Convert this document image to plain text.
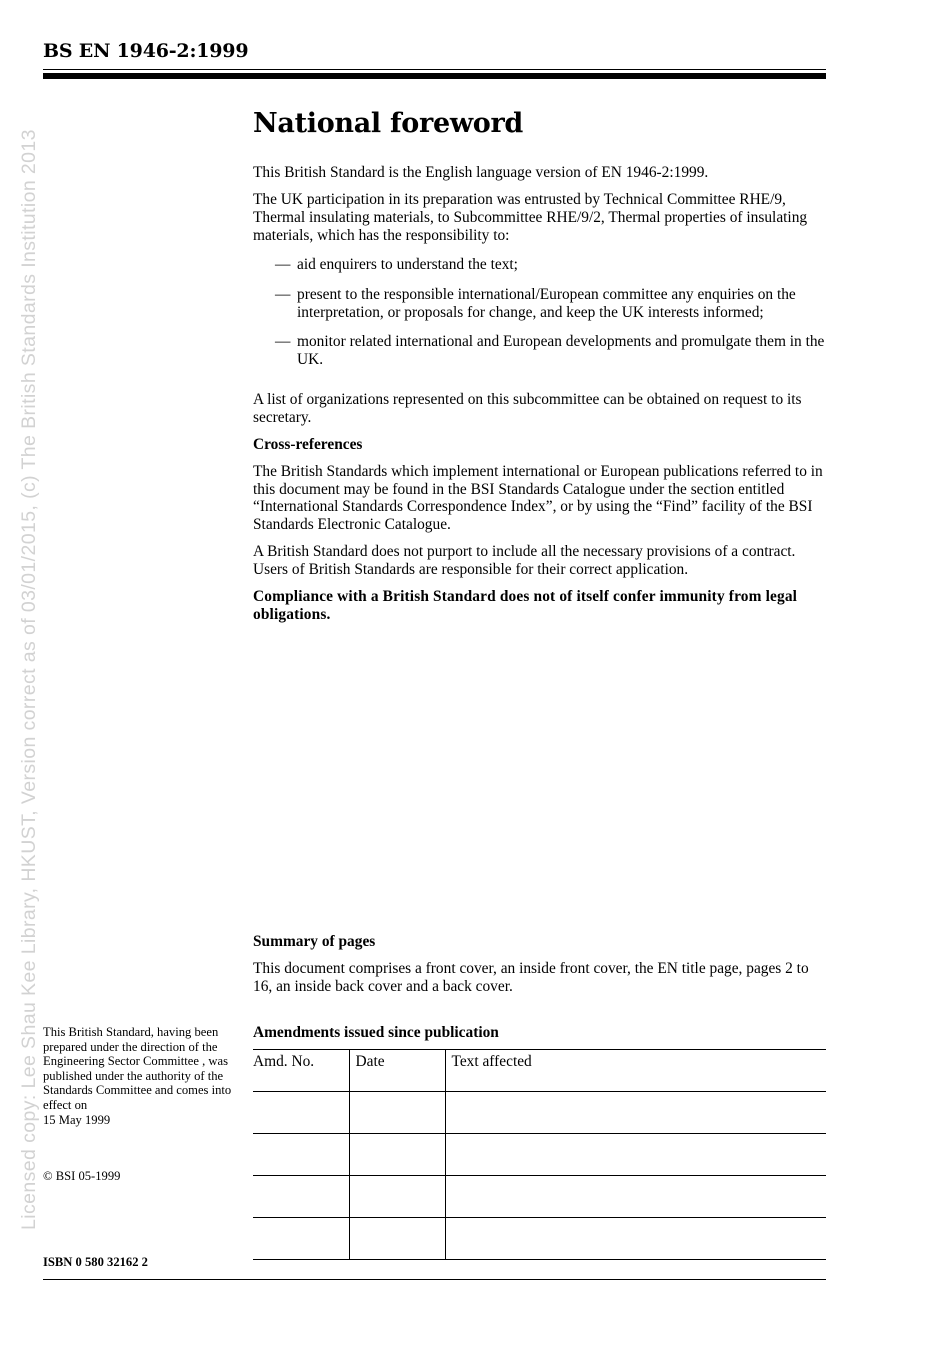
BS EN 1946-2:1999
Licensed copy: Lee Shau Kee Library, HKUST, Version correct as of 03/01/2015, (c) The British Standards Institution 2013
National foreword

This British Standard is the English language version of EN 1946-2:1999.

The UK participation in its preparation was entrusted by Technical Committee RHE/9, Thermal insulating materials, to Subcommittee RHE/9/2, Thermal properties of insulating materials, which has the responsibility to:

— aid enquirers to understand the text;
— present to the responsible international/European committee any enquiries on the interpretation, or proposals for change, and keep the UK interests informed;
— monitor related international and European developments and promulgate them in the UK.

A list of organizations represented on this subcommittee can be obtained on request to its secretary.

Cross-references

The British Standards which implement international or European publications referred to in this document may be found in the BSI Standards Catalogue under the section entitled “International Standards Correspondence Index”, or by using the “Find” facility of the BSI Standards Electronic Catalogue.

A British Standard does not purport to include all the necessary provisions of a contract. Users of British Standards are responsible for their correct application.

Compliance with a British Standard does not of itself confer immunity from legal obligations.

Summary of pages

This document comprises a front cover, an inside front cover, the EN title page, pages 2 to 16, an inside back cover and a back cover.

Amendments issued since publication
Amd. No.	Date	Text affected

This British Standard, having been prepared under the direction of the Engineering Sector Committee , was published under the authority of the Standards Committee and comes into effect on
15 May 1999
© BSI 05-1999
ISBN 0 580 32162 2
